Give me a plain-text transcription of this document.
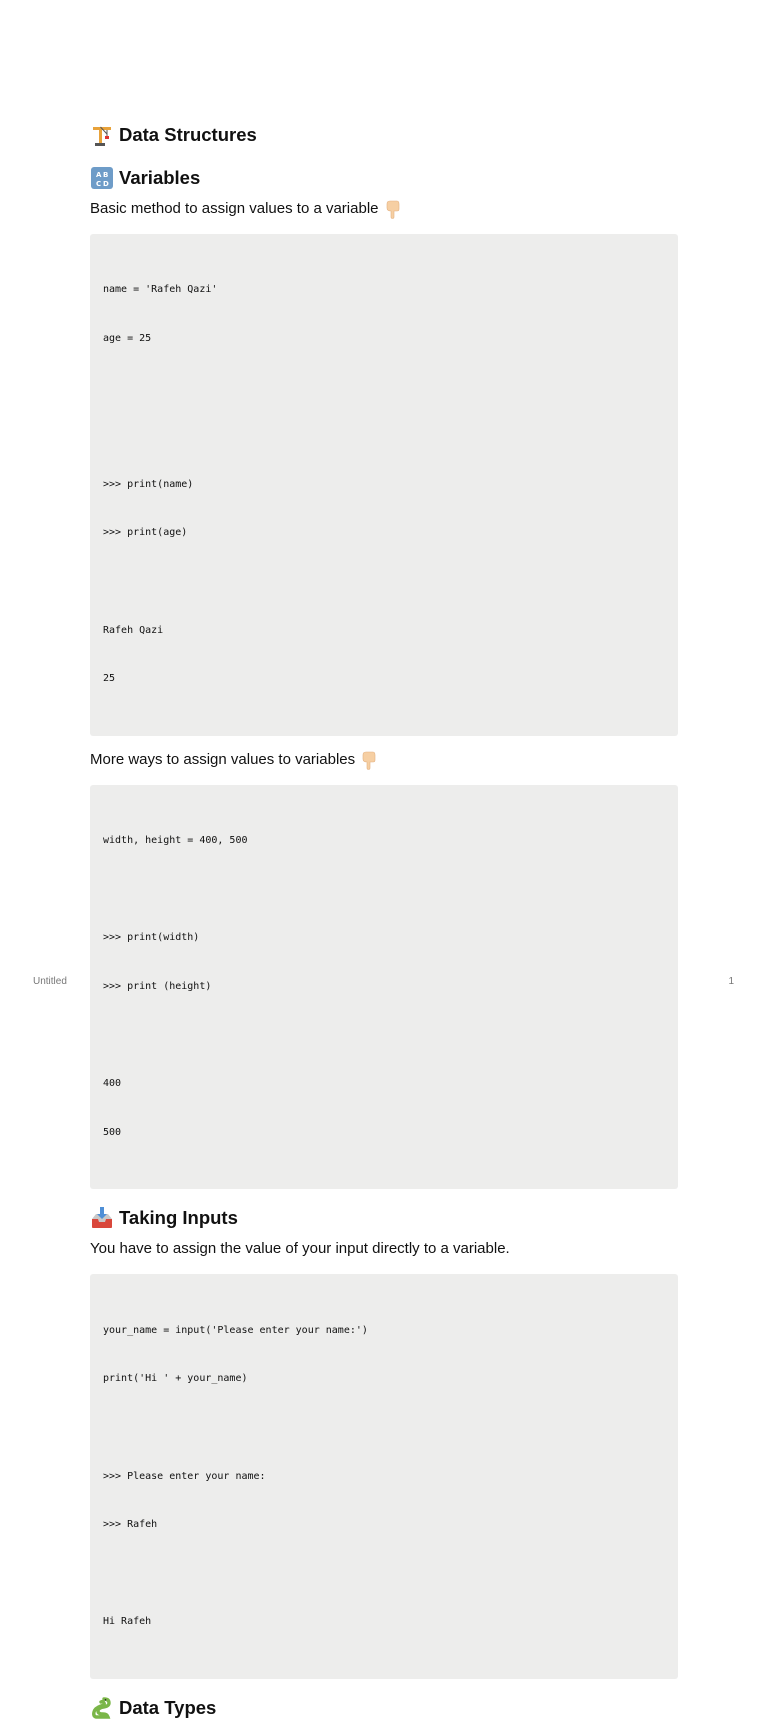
Data Structures
A B
C D Variables

Basic method to assign values to a variable

name = 'Rafeh Qazi'

age = 25

>>> print(name)

>>> print(age)

Rafeh Qazi

25

More ways to assign values to variables

width, height = 400, 500

>>> print(width)

>>> print (height)

400

500

Taking Inputs

You have to assign the value of your input directly to a variable.

your_name = input('Please enter your name:')

print('Hi ' + your_name)

>>> Please enter your name:

>>> Rafeh

Hi Rafeh

Data Types
Untitled	1
